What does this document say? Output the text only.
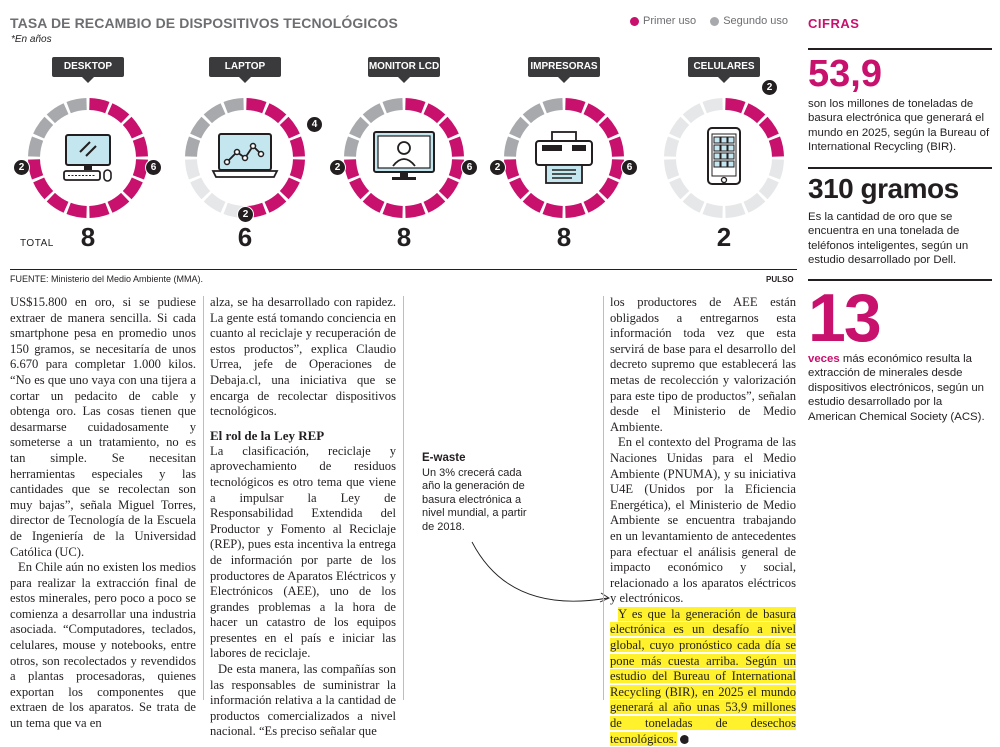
TASA DE RECAMBIO DE DISPOSITIVOS TECNOLÓGICOS
*En años
Primer uso Segundo uso
DESKTOP
6
2
LAPTOP
4
2
MONITOR LCD
6
2
IMPRESORAS
6
2
CELULARES
2
TOTAL	8	6	8	8	2
FUENTE: Ministerio del Medio Ambiente (MMA).	PULSO

US$15.800 en oro, si se pudiese extraer de manera sencilla. Si cada smartphone pesa en promedio unos 150 gramos, se necesitaría de unos 6.670 para completar 1.000 kilos. “No es que uno vaya con una tijera a cortar un pedacito de cable y obtenga oro. Las cosas tienen que desarmarse cuidadosamente y someterse a un tratamiento, no es tan simple. Se necesitan herramientas especiales y las cantidades que se recolectan son muy bajas”, señala Miguel Torres, director de Tecnología de la Escuela de Ingeniería de la Universidad Católica (UC).

En Chile aún no existen los medios para realizar la extracción final de estos minerales, pero poco a poco se comienza a desarrollar una industria asociada. “Computadores, teclados, celulares, mouse y notebooks, entre otros, son recolectados y revendidos a plantas procesadoras, quienes exportan los componentes que extraen de los aparatos. Se trata de un tema que va en

alza, se ha desarrollado con rapidez. La gente está tomando conciencia en cuanto al reciclaje y recuperación de estos productos”, explica Claudio Urrea, jefe de Operaciones de Debaja.cl, una iniciativa que se encarga de recolectar dispositivos tecnológicos.

El rol de la Ley REP

La clasificación, reciclaje y aprovechamiento de residuos tecnológicos es otro tema que viene a impulsar la Ley de Responsabilidad Extendida del Productor y Fomento al Reciclaje (REP), pues esta incentiva la entrega de información por parte de los productores de Aparatos Eléctricos y Electrónicos (AEE), uno de los grandes problemas a la hora de hacer un catastro de los equipos presentes en el país e iniciar las labores de reciclaje.

De esta manera, las compañías son las responsables de suministrar la información relativa a la cantidad de productos comercializados a nivel nacional. “Es preciso señalar que

E-waste
Un 3% crecerá cada año la generación de basura electrónica a nivel mundial, a partir de 2018.

los productores de AEE están obligados a entregarnos esta información toda vez que esta servirá de base para el desarrollo del decreto supremo que establecerá las metas de recolección y valorización para este tipo de productos”, señalan desde el Ministerio de Medio Ambiente.

En el contexto del Programa de las Naciones Unidas para el Medio Ambiente (PNUMA), y su iniciativa U4E (Unidos por la Eficiencia Energética), el Ministerio de Medio Ambiente se encuentra trabajando en un levantamiento de antecedentes para efectuar el análisis general de impacto económico y social, relacionado a los aparatos eléctricos y electrónicos.

Y es que la generación de basura electrónica es un desafío a nivel global, cuyo pronóstico cada día se pone más cuesta arriba. Según un estudio del Bureau of International Recycling (BIR), en 2025 el mundo generará al año unas 53,9 millones de toneladas de desechos tecnológicos. P

CIFRAS
53,9
son los millones de toneladas de basura electrónica que generará el mundo en 2025, según la Bureau of International Recycling (BIR).
310 gramos
Es la cantidad de oro que se encuentra en una tonelada de teléfonos inteligentes, según un estudio desarrollado por Dell.
13
veces más económico resulta la extracción de minerales desde dispositivos electrónicos, según un estudio desarrollado por la American Chemical Society (ACS).
